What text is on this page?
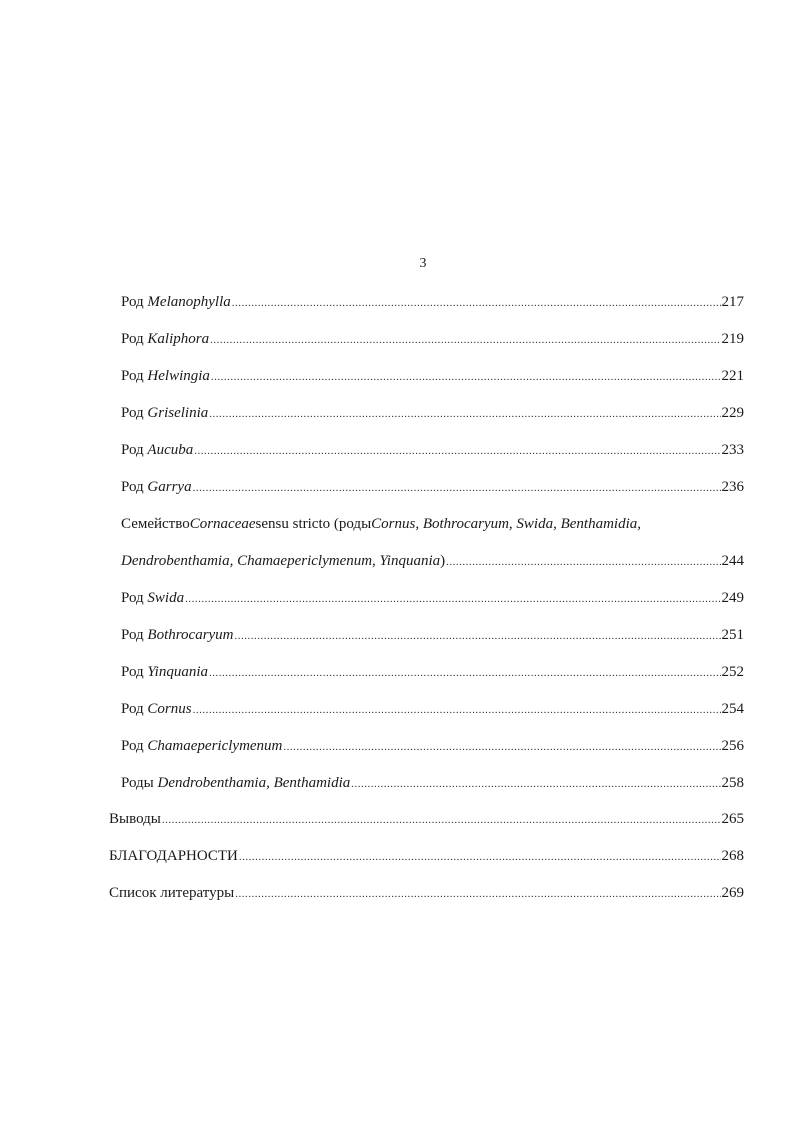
3
Род Melanophylla .....	217
Род Kaliphora .....	219
Род Helwingia .....	221
Род Griselinia .....	229
Род Aucuba .....	233
Род Garrya .....	236
Семейство Cornaceae sensu stricto (роды Cornus, Bothrocaryum, Swida, Benthamidia,
Dendrobenthamia, Chamaepericlymenum, Yinquania) .....	244
Род Swida .....	249
Род Bothrocaryum .....	251
Род Yinquania .....	252
Род Cornus .....	254
Род Chamaepericlymenum .....	256
Роды Dendrobenthamia, Benthamidia .....	258
Выводы .....	265
БЛАГОДАРНОСТИ .....	268
Список литературы .....	269
